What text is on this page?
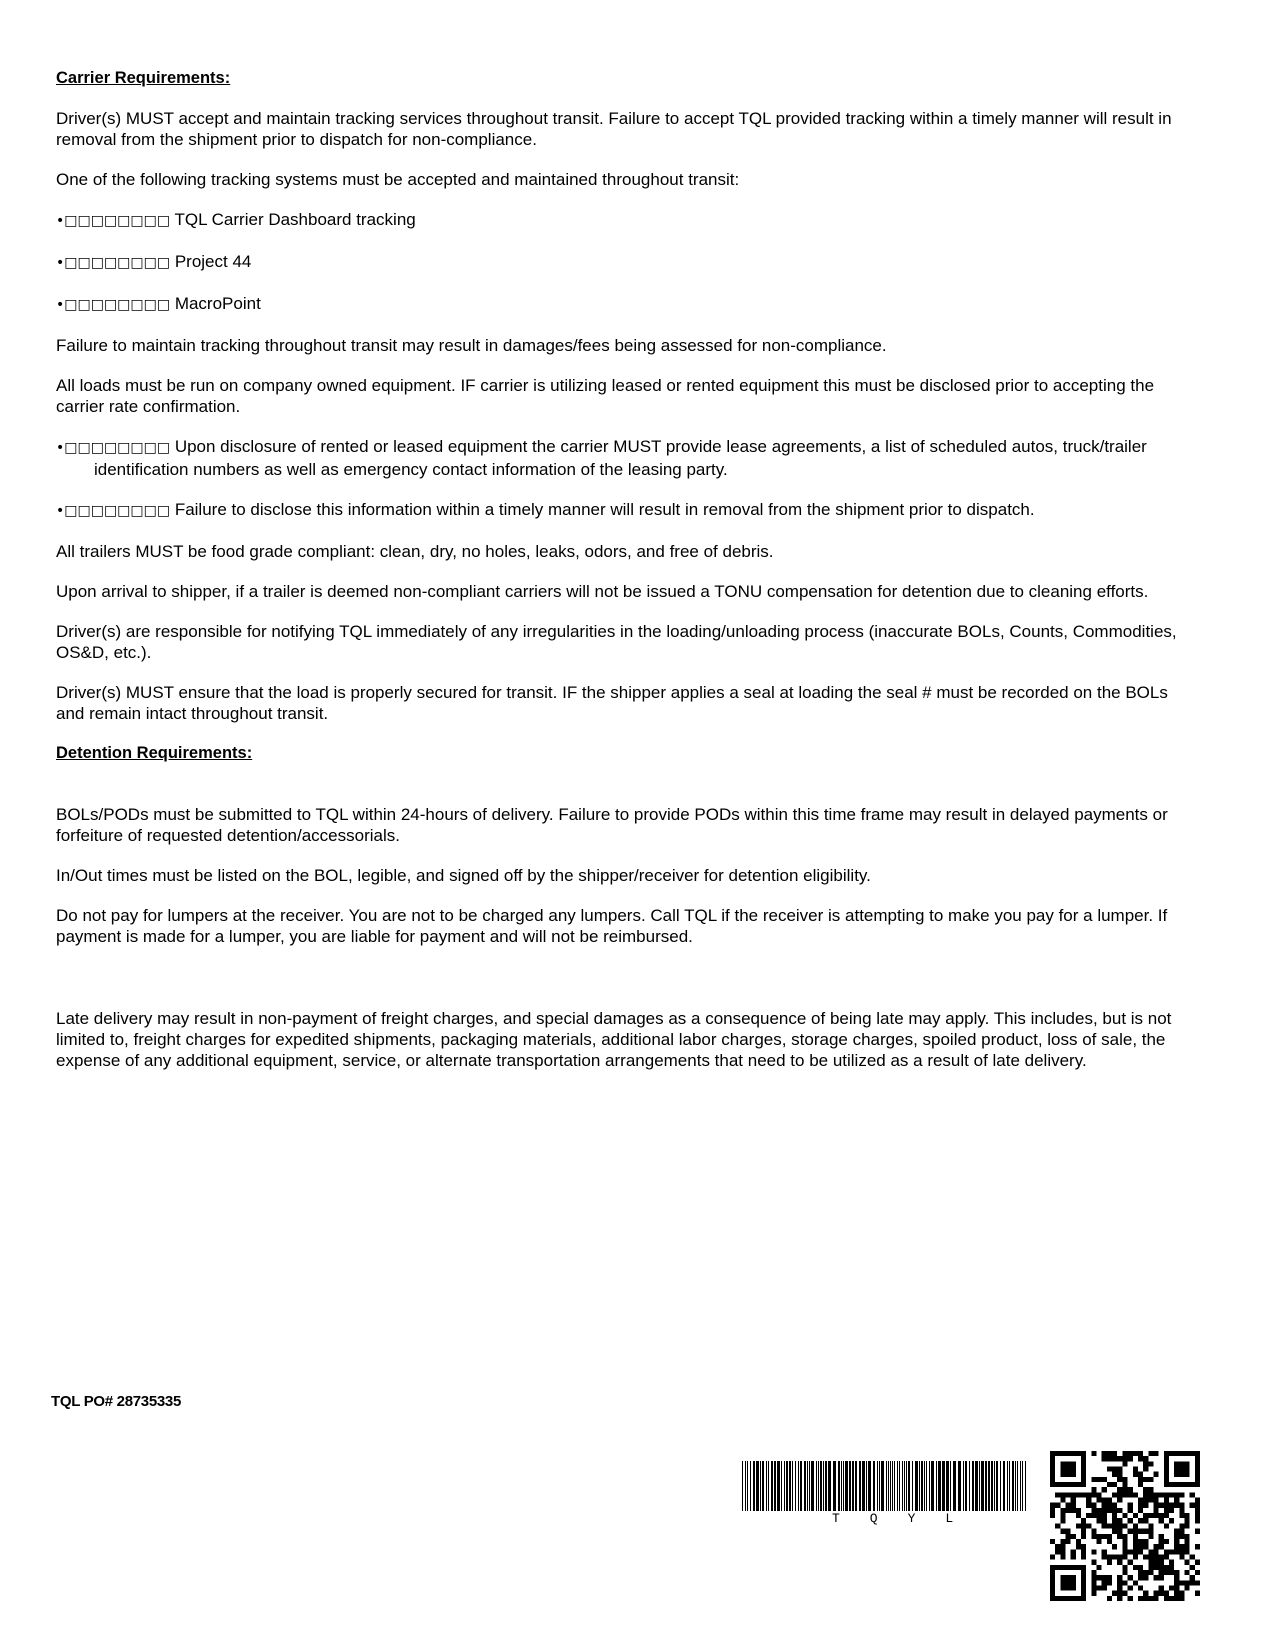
Carrier Requirements:
Driver(s) MUST accept and maintain tracking services throughout transit. Failure to accept TQL provided tracking within a timely manner will result in removal from the shipment prior to dispatch for non-compliance.
One of the following tracking systems must be accepted and maintained throughout transit:
•□□□□□□□□ TQL Carrier Dashboard tracking
•□□□□□□□□ Project 44
•□□□□□□□□ MacroPoint
Failure to maintain tracking throughout transit may result in damages/fees being assessed for non-compliance.
All loads must be run on company owned equipment. IF carrier is utilizing leased or rented equipment this must be disclosed prior to accepting the carrier rate confirmation.
•□□□□□□□□ Upon disclosure of rented or leased equipment the carrier MUST provide lease agreements, a list of scheduled autos, truck/trailer identification numbers as well as emergency contact information of the leasing party.
•□□□□□□□□ Failure to disclose this information within a timely manner will result in removal from the shipment prior to dispatch.
All trailers MUST be food grade compliant: clean, dry, no holes, leaks, odors, and free of debris.
Upon arrival to shipper, if a trailer is deemed non-compliant carriers will not be issued a TONU compensation for detention due to cleaning efforts.
Driver(s) are responsible for notifying TQL immediately of any irregularities in the loading/unloading process (inaccurate BOLs, Counts, Commodities, OS&D, etc.).
Driver(s) MUST ensure that the load is properly secured for transit. IF the shipper applies a seal at loading the seal # must be recorded on the BOLs and remain intact throughout transit.
Detention Requirements:
BOLs/PODs must be submitted to TQL within 24-hours of delivery. Failure to provide PODs within this time frame may result in delayed payments or forfeiture of requested detention/accessorials.
In/Out times must be listed on the BOL, legible, and signed off by the shipper/receiver for detention eligibility.
Do not pay for lumpers at the receiver. You are not to be charged any lumpers. Call TQL if the receiver is attempting to make you pay for a lumper. If payment is made for a lumper, you are liable for payment and will not be reimbursed.
Late delivery may result in non-payment of freight charges, and special damages as a consequence of being late may apply. This includes, but is not limited to, freight charges for expedited shipments, packaging materials, additional labor charges, storage charges, spoiled product, loss of sale, the expense of any additional equipment, service, or alternate transportation arrangements that need to be utilized as a result of late delivery.
TQL PO# 28735335
TQYL
